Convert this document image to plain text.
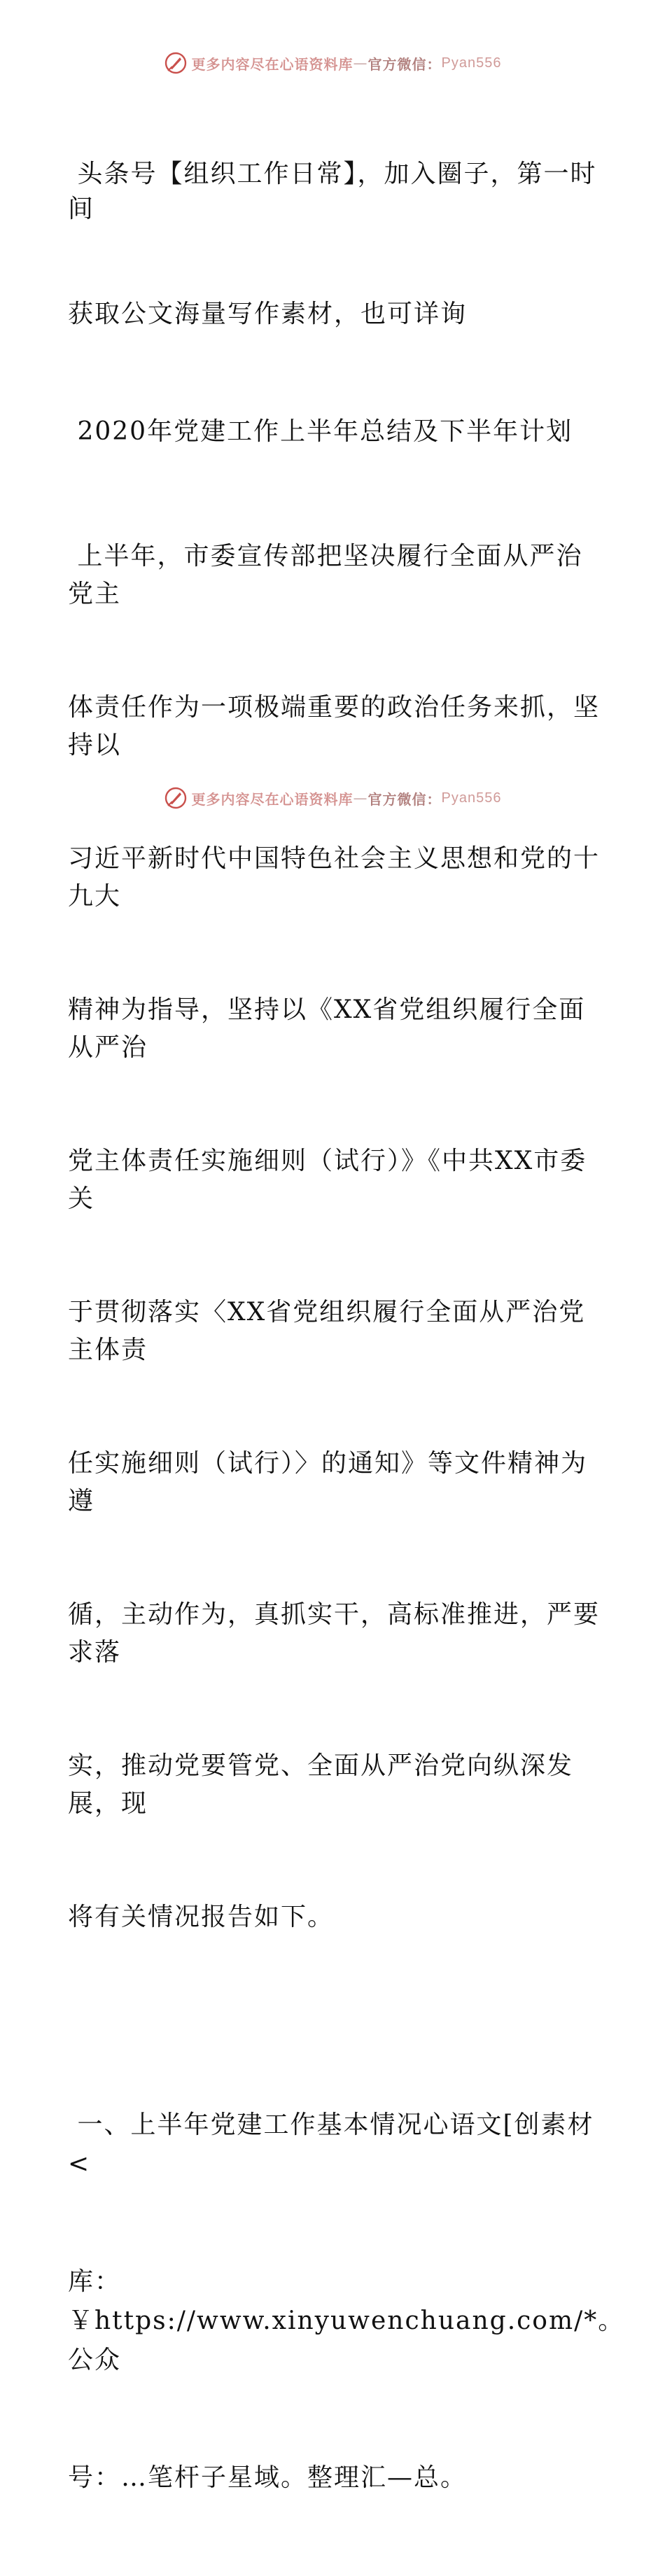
更多内容尽在心语资料库 — 官方微信： Pyan556

头条号【组织工作日常】，加入圈子，第一时间

获取公文海量写作素材，也可详询

2020年党建工作上半年总结及下半年计划

上半年，市委宣传部把坚决履行全面从严治党主

体责任作为一项极端重要的政治任务来抓，坚持以

习近平新时代中国特色社会主义思想和党的十九大

精神为指导，坚持以《XX省党组织履行全面从严治

党主体责任实施细则（试行）》《中共XX市委关

于贯彻落实〈XX省党组织履行全面从严治党主体责

任实施细则（试行）〉的通知》等文件精神为遵

循，主动作为，真抓实干，高标准推进，严要求落

实，推动党要管党、全面从严治党向纵深发展，现

将有关情况报告如下。

一、上半年党建工作基本情况心语文[创素材<

库：￥https://www.xinyuwenchuang.com/*。公众

号：…笔杆子星域。整理汇—总。

更多内容尽在心语资料库 — 官方微信： Pyan556
